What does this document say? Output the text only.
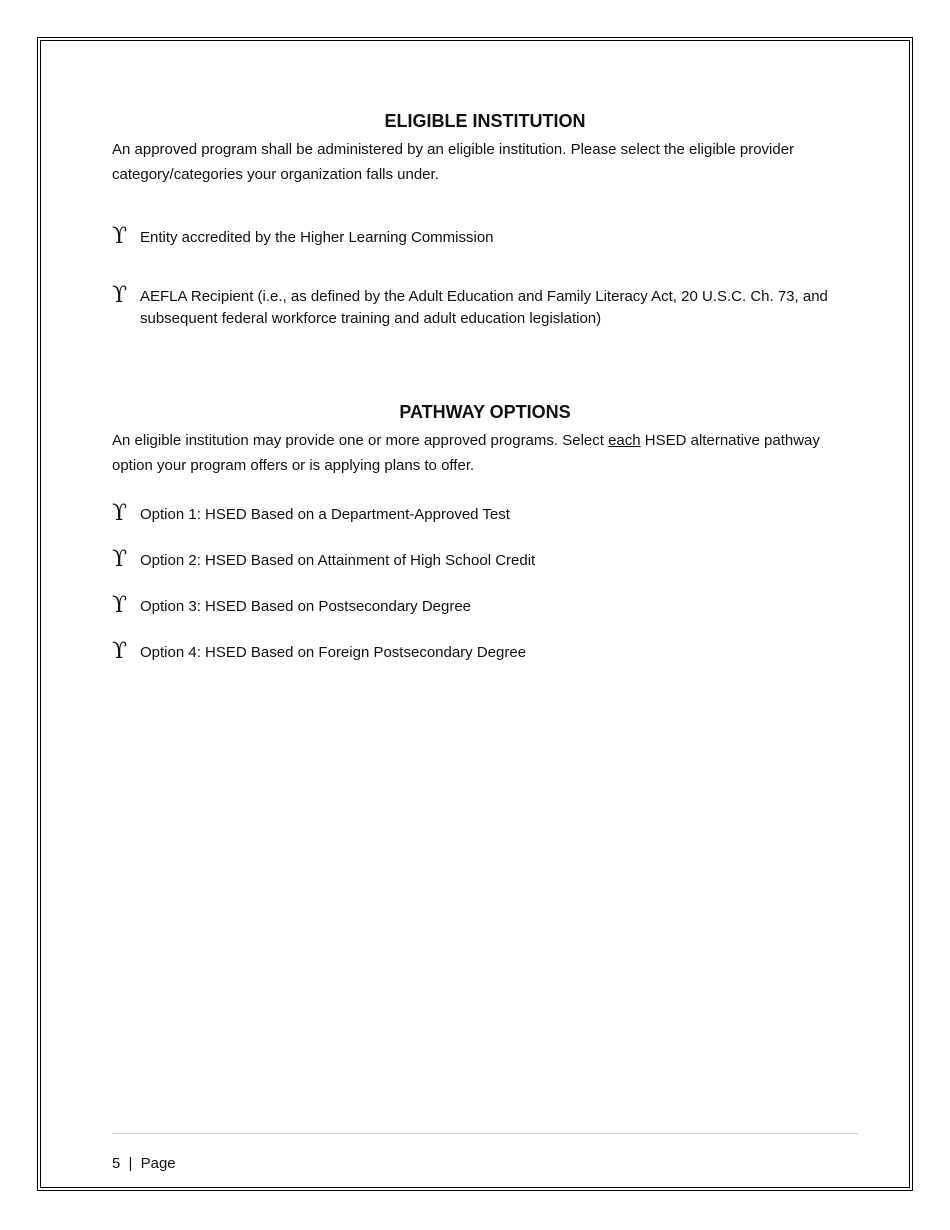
ELIGIBLE INSTITUTION

An approved program shall be administered by an eligible institution. Please select the eligible provider category/categories your organization falls under.

ϒ Entity accredited by the Higher Learning Commission
ϒ AEFLA Recipient (i.e., as defined by the Adult Education and Family Literacy Act, 20 U.S.C. Ch. 73, and subsequent federal workforce training and adult education legislation)
PATHWAY OPTIONS

An eligible institution may provide one or more approved programs. Select each HSED alternative pathway option your program offers or is applying plans to offer.

ϒ Option 1: HSED Based on a Department-Approved Test
ϒ Option 2: HSED Based on Attainment of High School Credit
ϒ Option 3: HSED Based on Postsecondary Degree
ϒ Option 4: HSED Based on Foreign Postsecondary Degree
5 | Page
